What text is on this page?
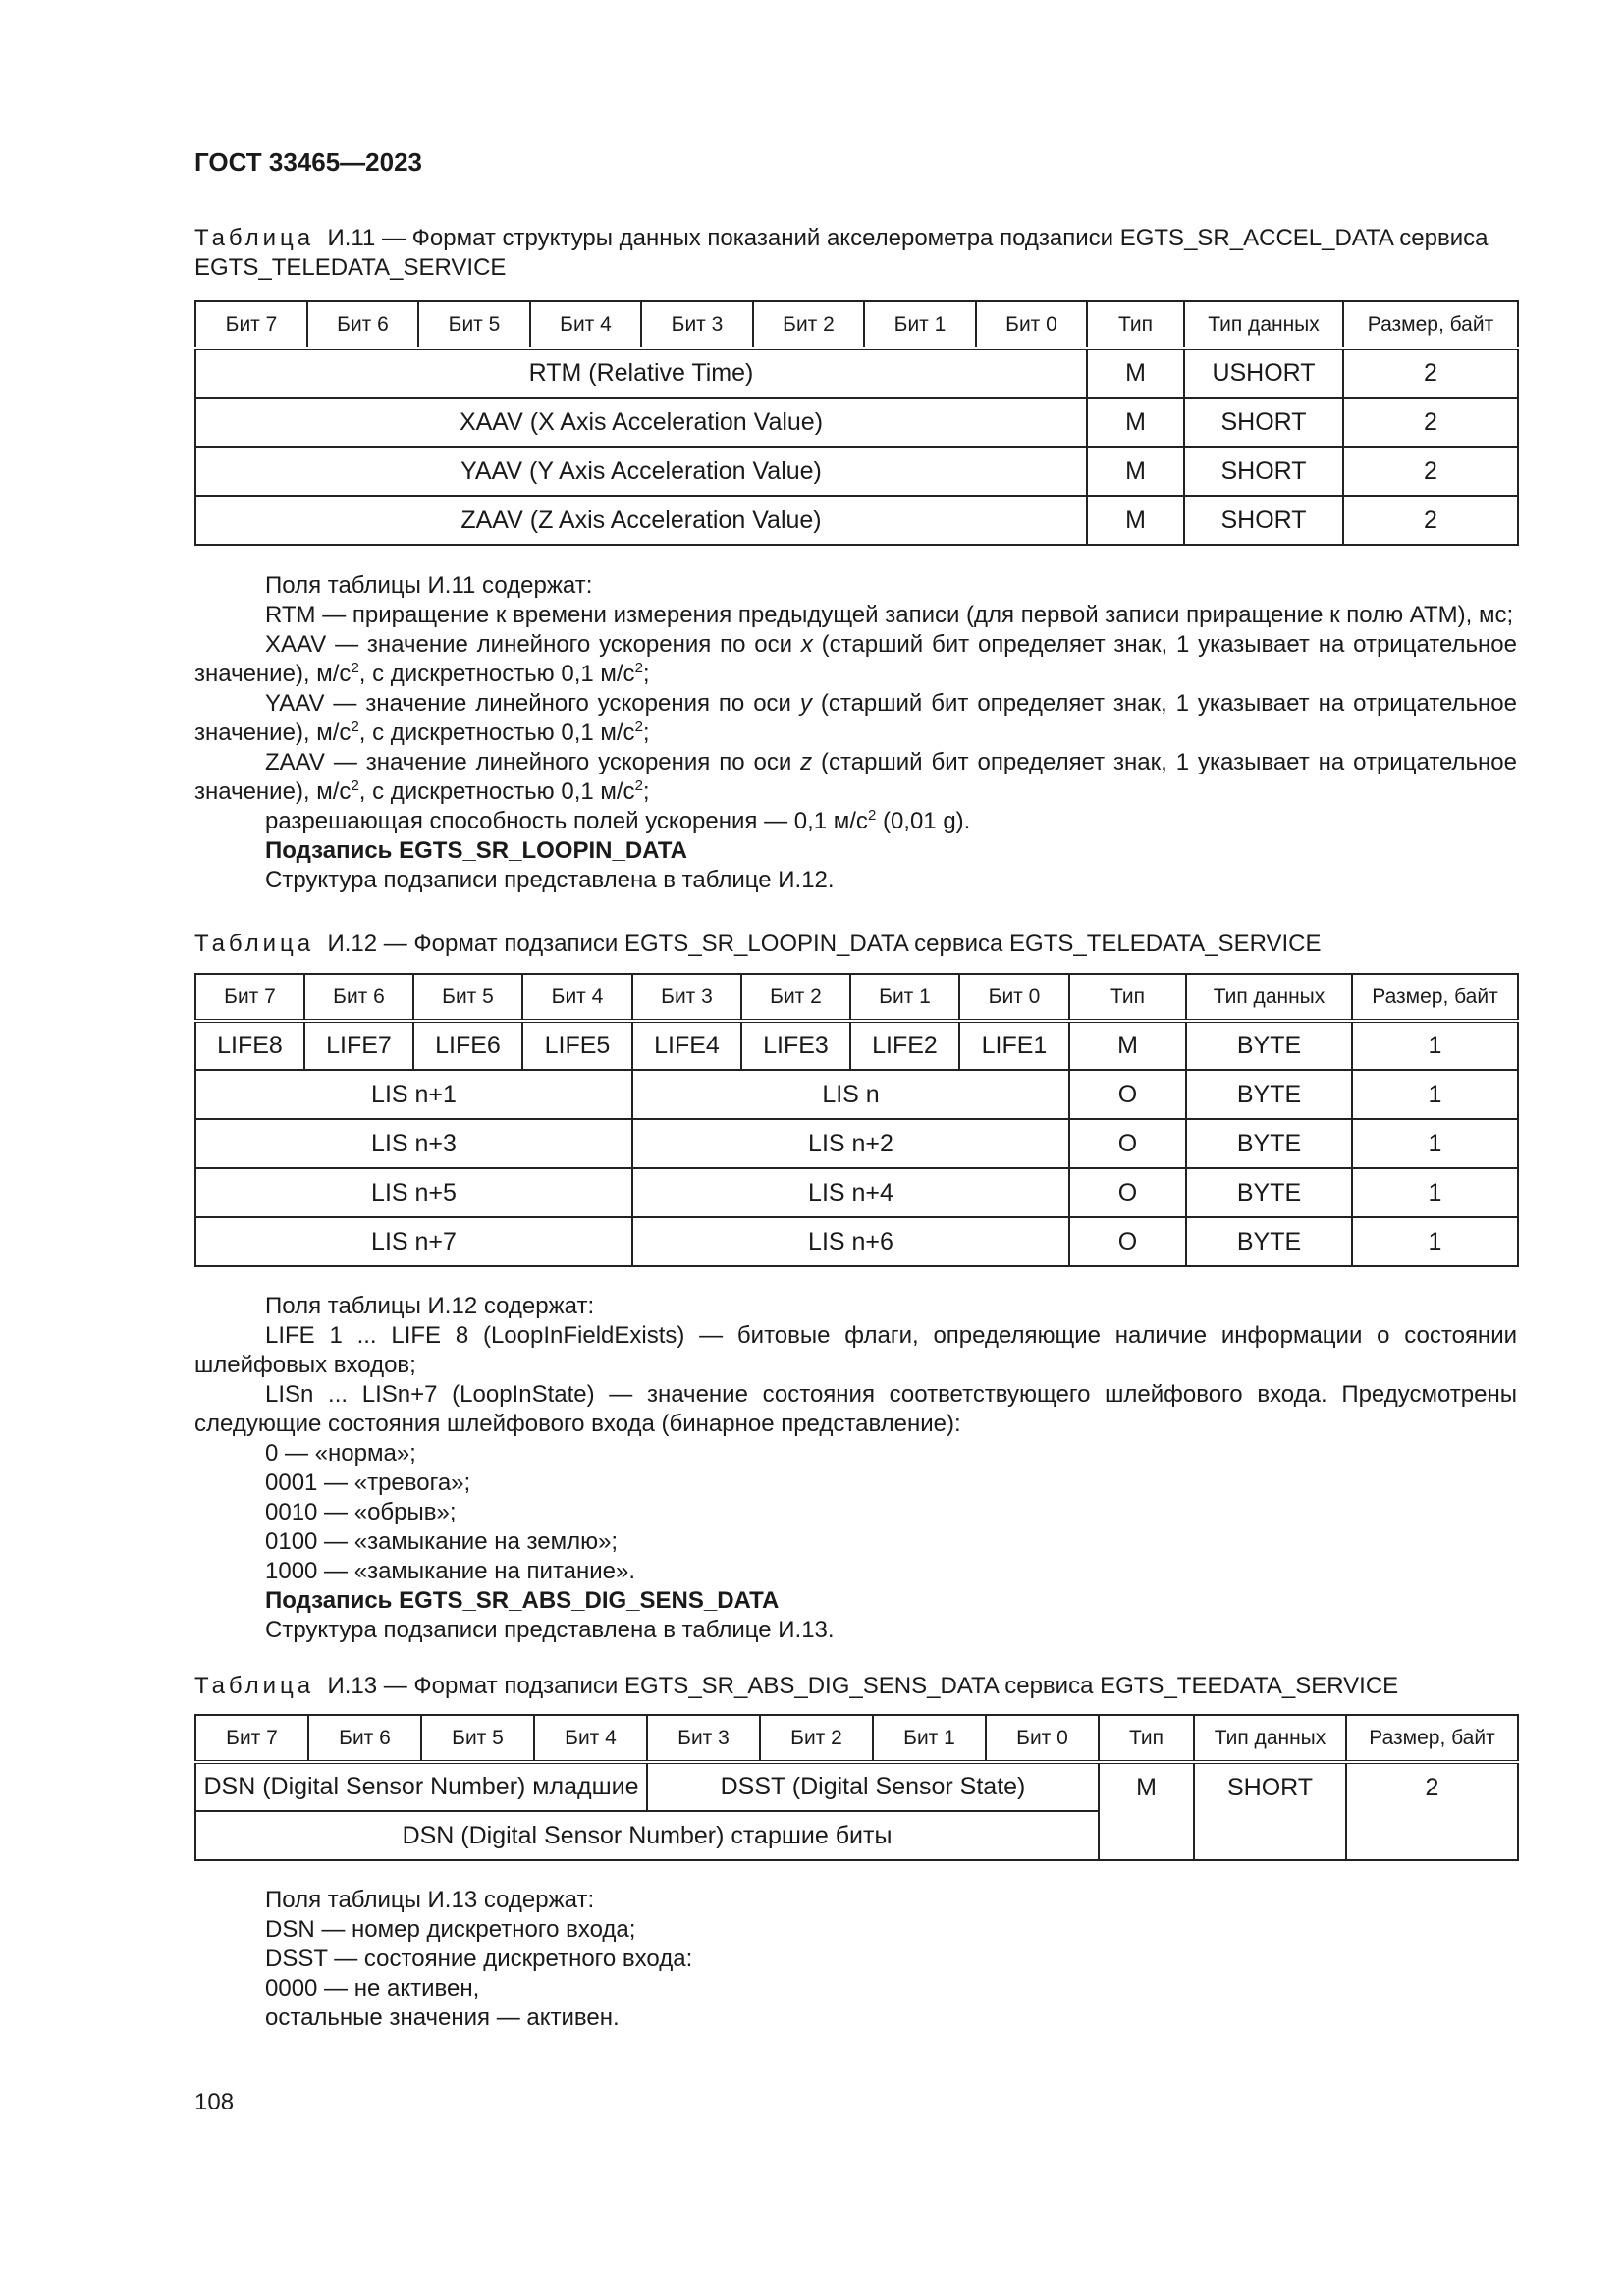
ГОСТ 33465—2023
Таблица И.11 — Формат структуры данных показаний акселерометра подзаписи EGTS_SR_ACCEL_DATA сервиса EGTS_TELEDATA_SERVICE
Бит 7	Бит 6	Бит 5	Бит 4	Бит 3	Бит 2	Бит 1	Бит 0	Тип	Тип данных	Размер, байт
RTM (Relative Time)								M	USHORT	2
XAAV (X Axis Acceleration Value)								M	SHORT	2
YAAV (Y Axis Acceleration Value)								M	SHORT	2
ZAAV (Z Axis Acceleration Value)								M	SHORT	2

Поля таблицы И.11 содержат:

RTM — приращение к времени измерения предыдущей записи (для первой записи приращение к полю ATM), мс;

XAAV — значение линейного ускорения по оси x (старший бит определяет знак, 1 указывает на отрицательное значение), $м/с^2$, с дискретностью 0,1 $м/с^2$;

YAAV — значение линейного ускорения по оси y (старший бит определяет знак, 1 указывает на отрицательное значение), $м/с^2$, с дискретностью 0,1 $м/с^2$;

ZAAV — значение линейного ускорения по оси z (старший бит определяет знак, 1 указывает на отрицательное значение), $м/с^2$, с дискретностью 0,1 $м/с^2$;

разрешающая способность полей ускорения — 0,1 $м/с^2$ (0,01 g).

Подзапись EGTS_SR_LOOPIN_DATA

Структура подзаписи представлена в таблице И.12.

Таблица И.12 — Формат подзаписи EGTS_SR_LOOPIN_DATA сервиса EGTS_TELEDATA_SERVICE
Бит 7	Бит 6	Бит 5	Бит 4	Бит 3	Бит 2	Бит 1	Бит 0	Тип	Тип данных	Размер, байт
LIFE8	LIFE7	LIFE6	LIFE5	LIFE4	LIFE3	LIFE2	LIFE1	M	BYTE	1
LIS n+1				LIS n				O	BYTE	1
LIS n+3				LIS n+2				O	BYTE	1
LIS n+5				LIS n+4				O	BYTE	1
LIS n+7				LIS n+6				O	BYTE	1

Поля таблицы И.12 содержат:

LIFE 1 ... LIFE 8 (LoopInFieldExists) — битовые флаги, определяющие наличие информации о состоянии шлейфовых входов;

LISn ... LISn+7 (LoopInState) — значение состояния соответствующего шлейфового входа. Предусмотрены следующие состояния шлейфового входа (бинарное представление):

0 — «норма»;

0001 — «тревога»;

0010 — «обрыв»;

0100 — «замыкание на землю»;

1000 — «замыкание на питание».

Подзапись EGTS_SR_ABS_DIG_SENS_DATA

Структура подзаписи представлена в таблице И.13.

Таблица И.13 — Формат подзаписи EGTS_SR_ABS_DIG_SENS_DATA сервиса EGTS_TEEDATA_SERVICE
Бит 7	Бит 6	Бит 5	Бит 4	Бит 3	Бит 2	Бит 1	Бит 0	Тип	Тип данных	Размер, байт
DSN (Digital Sensor Number) младшие				DSST (Digital Sensor State)				M	SHORT	2
DSN (Digital Sensor Number) старшие биты										

Поля таблицы И.13 содержат:

DSN — номер дискретного входа;

DSST — состояние дискретного входа:

0000 — не активен,

остальные значения — активен.

108
